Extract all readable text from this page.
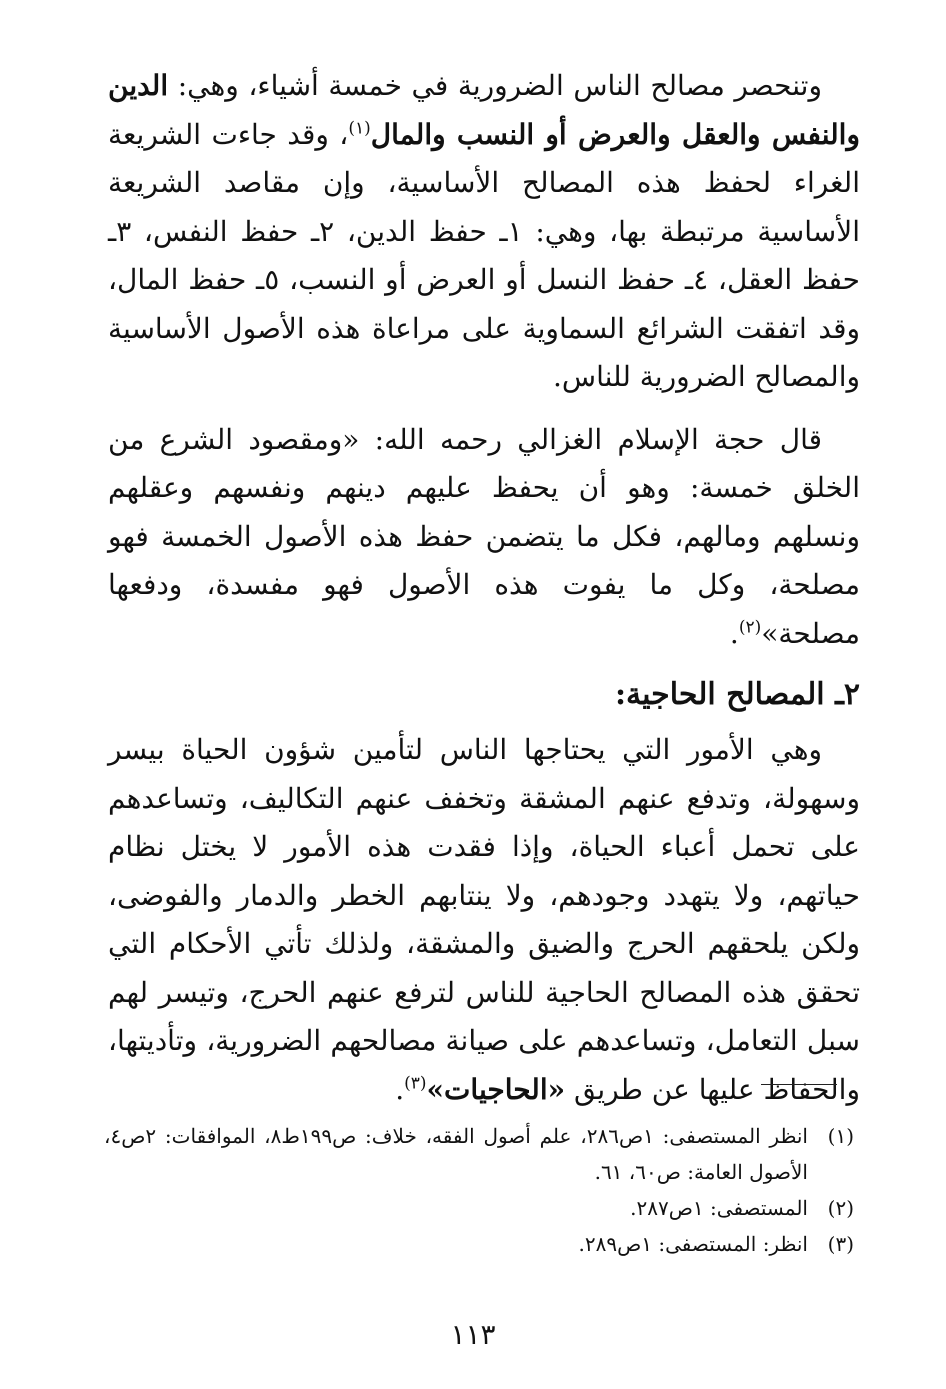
وتنحصر مصالح الناس الضرورية في خمسة أشياء، وهي: الدين والنفس والعقل والعرض أو النسب والمال$^{(١)}$، وقد جاءت الشريعة الغراء لحفظ هذه المصالح الأساسية، وإن مقاصد الشريعة الأساسية مرتبطة بها، وهي: ١ـ حفظ الدين، ٢ـ حفظ النفس، ٣ـ حفظ العقل، ٤ـ حفظ النسل أو العرض أو النسب، ٥ـ حفظ المال، وقد اتفقت الشرائع السماوية على مراعاة هذه الأصول الأساسية والمصالح الضرورية للناس.

قال حجة الإسلام الغزالي رحمه الله: «ومقصود الشرع من الخلق خمسة: وهو أن يحفظ عليهم دينهم ونفسهم وعقلهم ونسلهم ومالهم، فكل ما يتضمن حفظ هذه الأصول الخمسة فهو مصلحة، وكل ما يفوت هذه الأصول فهو مفسدة، ودفعها مصلحة»$^{(٢)}$.

٢ـ المصالح الحاجية:

وهي الأمور التي يحتاجها الناس لتأمين شؤون الحياة بيسر وسهولة، وتدفع عنهم المشقة وتخفف عنهم التكاليف، وتساعدهم على تحمل أعباء الحياة، وإذا فقدت هذه الأمور لا يختل نظام حياتهم، ولا يتهدد وجودهم، ولا ينتابهم الخطر والدمار والفوضى، ولكن يلحقهم الحرج والضيق والمشقة، ولذلك تأتي الأحكام التي تحقق هذه المصالح الحاجية للناس لترفع عنهم الحرج، وتيسر لهم سبل التعامل، وتساعدهم على صيانة مصالحهم الضرورية، وتأديتها، والحفاظ عليها عن طريق «الحاجيات»$^{(٣)}$.

(١)
انظر المستصفى: ١ص٢٨٦، علم أصول الفقه، خلاف: ص١٩٩ط٨، الموافقات: ٢ص٤، الأصول العامة: ص٦٠، ٦١.
(٢)
المستصفى: ١ص٢٨٧.
(٣)
انظر: المستصفى: ١ص٢٨٩.
١١٣
